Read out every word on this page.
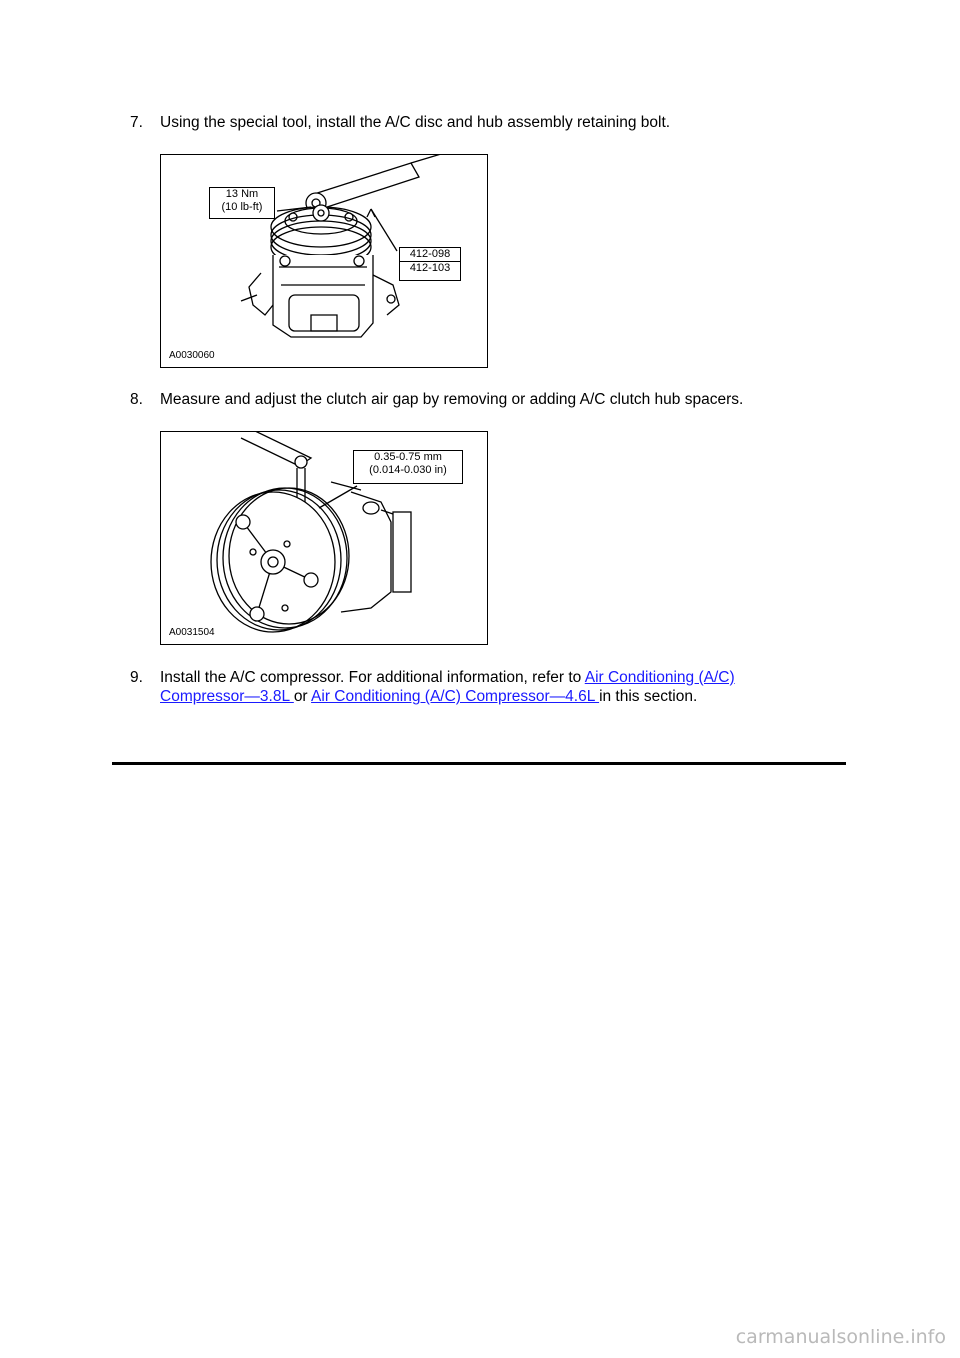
7.	Using the special tool, install the A/C disc and hub assembly retaining bolt.
13 Nm
(10 lb-ft)
412-098
412-103
A0030060
8.	Measure and adjust the clutch air gap by removing or adding A/C clutch hub spacers.
0.35-0.75 mm
(0.014-0.030 in)
A0031504
9.	Install the A/C compressor. For additional information, refer to Air Conditioning (A/C) Compressor—3.8L or Air Conditioning (A/C) Compressor—4.6L in this section.
carmanualsonline.info
